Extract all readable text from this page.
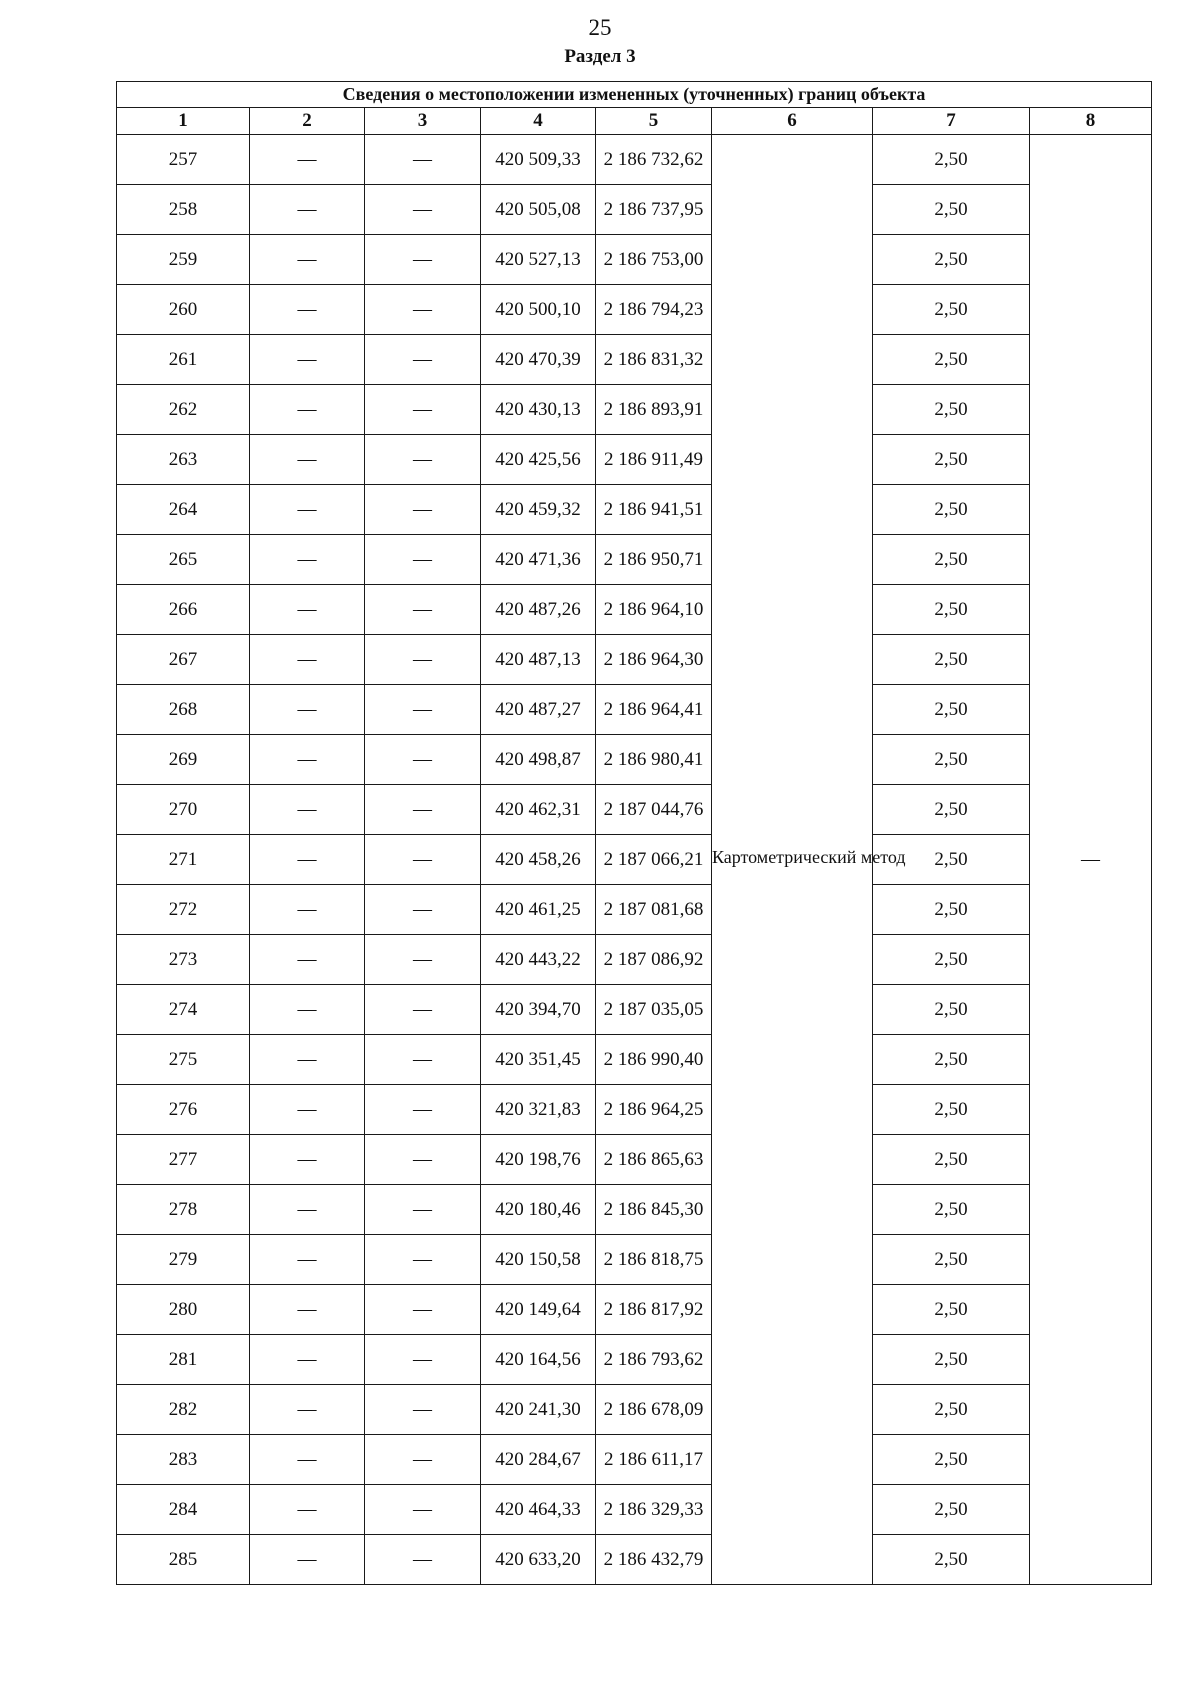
25
Раздел 3
Сведения о местоположении измененных (уточненных) границ объекта							
1	2	3	4	5	6	7	8
257	—	—	420 509,33	2 186 732,62	Картометрический метод	2,50	—
258	—	—	420 505,08	2 186 737,95		2,50	
259	—	—	420 527,13	2 186 753,00		2,50	
260	—	—	420 500,10	2 186 794,23		2,50	
261	—	—	420 470,39	2 186 831,32		2,50	
262	—	—	420 430,13	2 186 893,91		2,50	
263	—	—	420 425,56	2 186 911,49		2,50	
264	—	—	420 459,32	2 186 941,51		2,50	
265	—	—	420 471,36	2 186 950,71		2,50	
266	—	—	420 487,26	2 186 964,10		2,50	
267	—	—	420 487,13	2 186 964,30		2,50	
268	—	—	420 487,27	2 186 964,41		2,50	
269	—	—	420 498,87	2 186 980,41		2,50	
270	—	—	420 462,31	2 187 044,76		2,50	
271	—	—	420 458,26	2 187 066,21		2,50	
272	—	—	420 461,25	2 187 081,68		2,50	
273	—	—	420 443,22	2 187 086,92		2,50	
274	—	—	420 394,70	2 187 035,05		2,50	
275	—	—	420 351,45	2 186 990,40		2,50	
276	—	—	420 321,83	2 186 964,25		2,50	
277	—	—	420 198,76	2 186 865,63		2,50	
278	—	—	420 180,46	2 186 845,30		2,50	
279	—	—	420 150,58	2 186 818,75		2,50	
280	—	—	420 149,64	2 186 817,92		2,50	
281	—	—	420 164,56	2 186 793,62		2,50	
282	—	—	420 241,30	2 186 678,09		2,50	
283	—	—	420 284,67	2 186 611,17		2,50	
284	—	—	420 464,33	2 186 329,33		2,50	
285	—	—	420 633,20	2 186 432,79		2,50	
